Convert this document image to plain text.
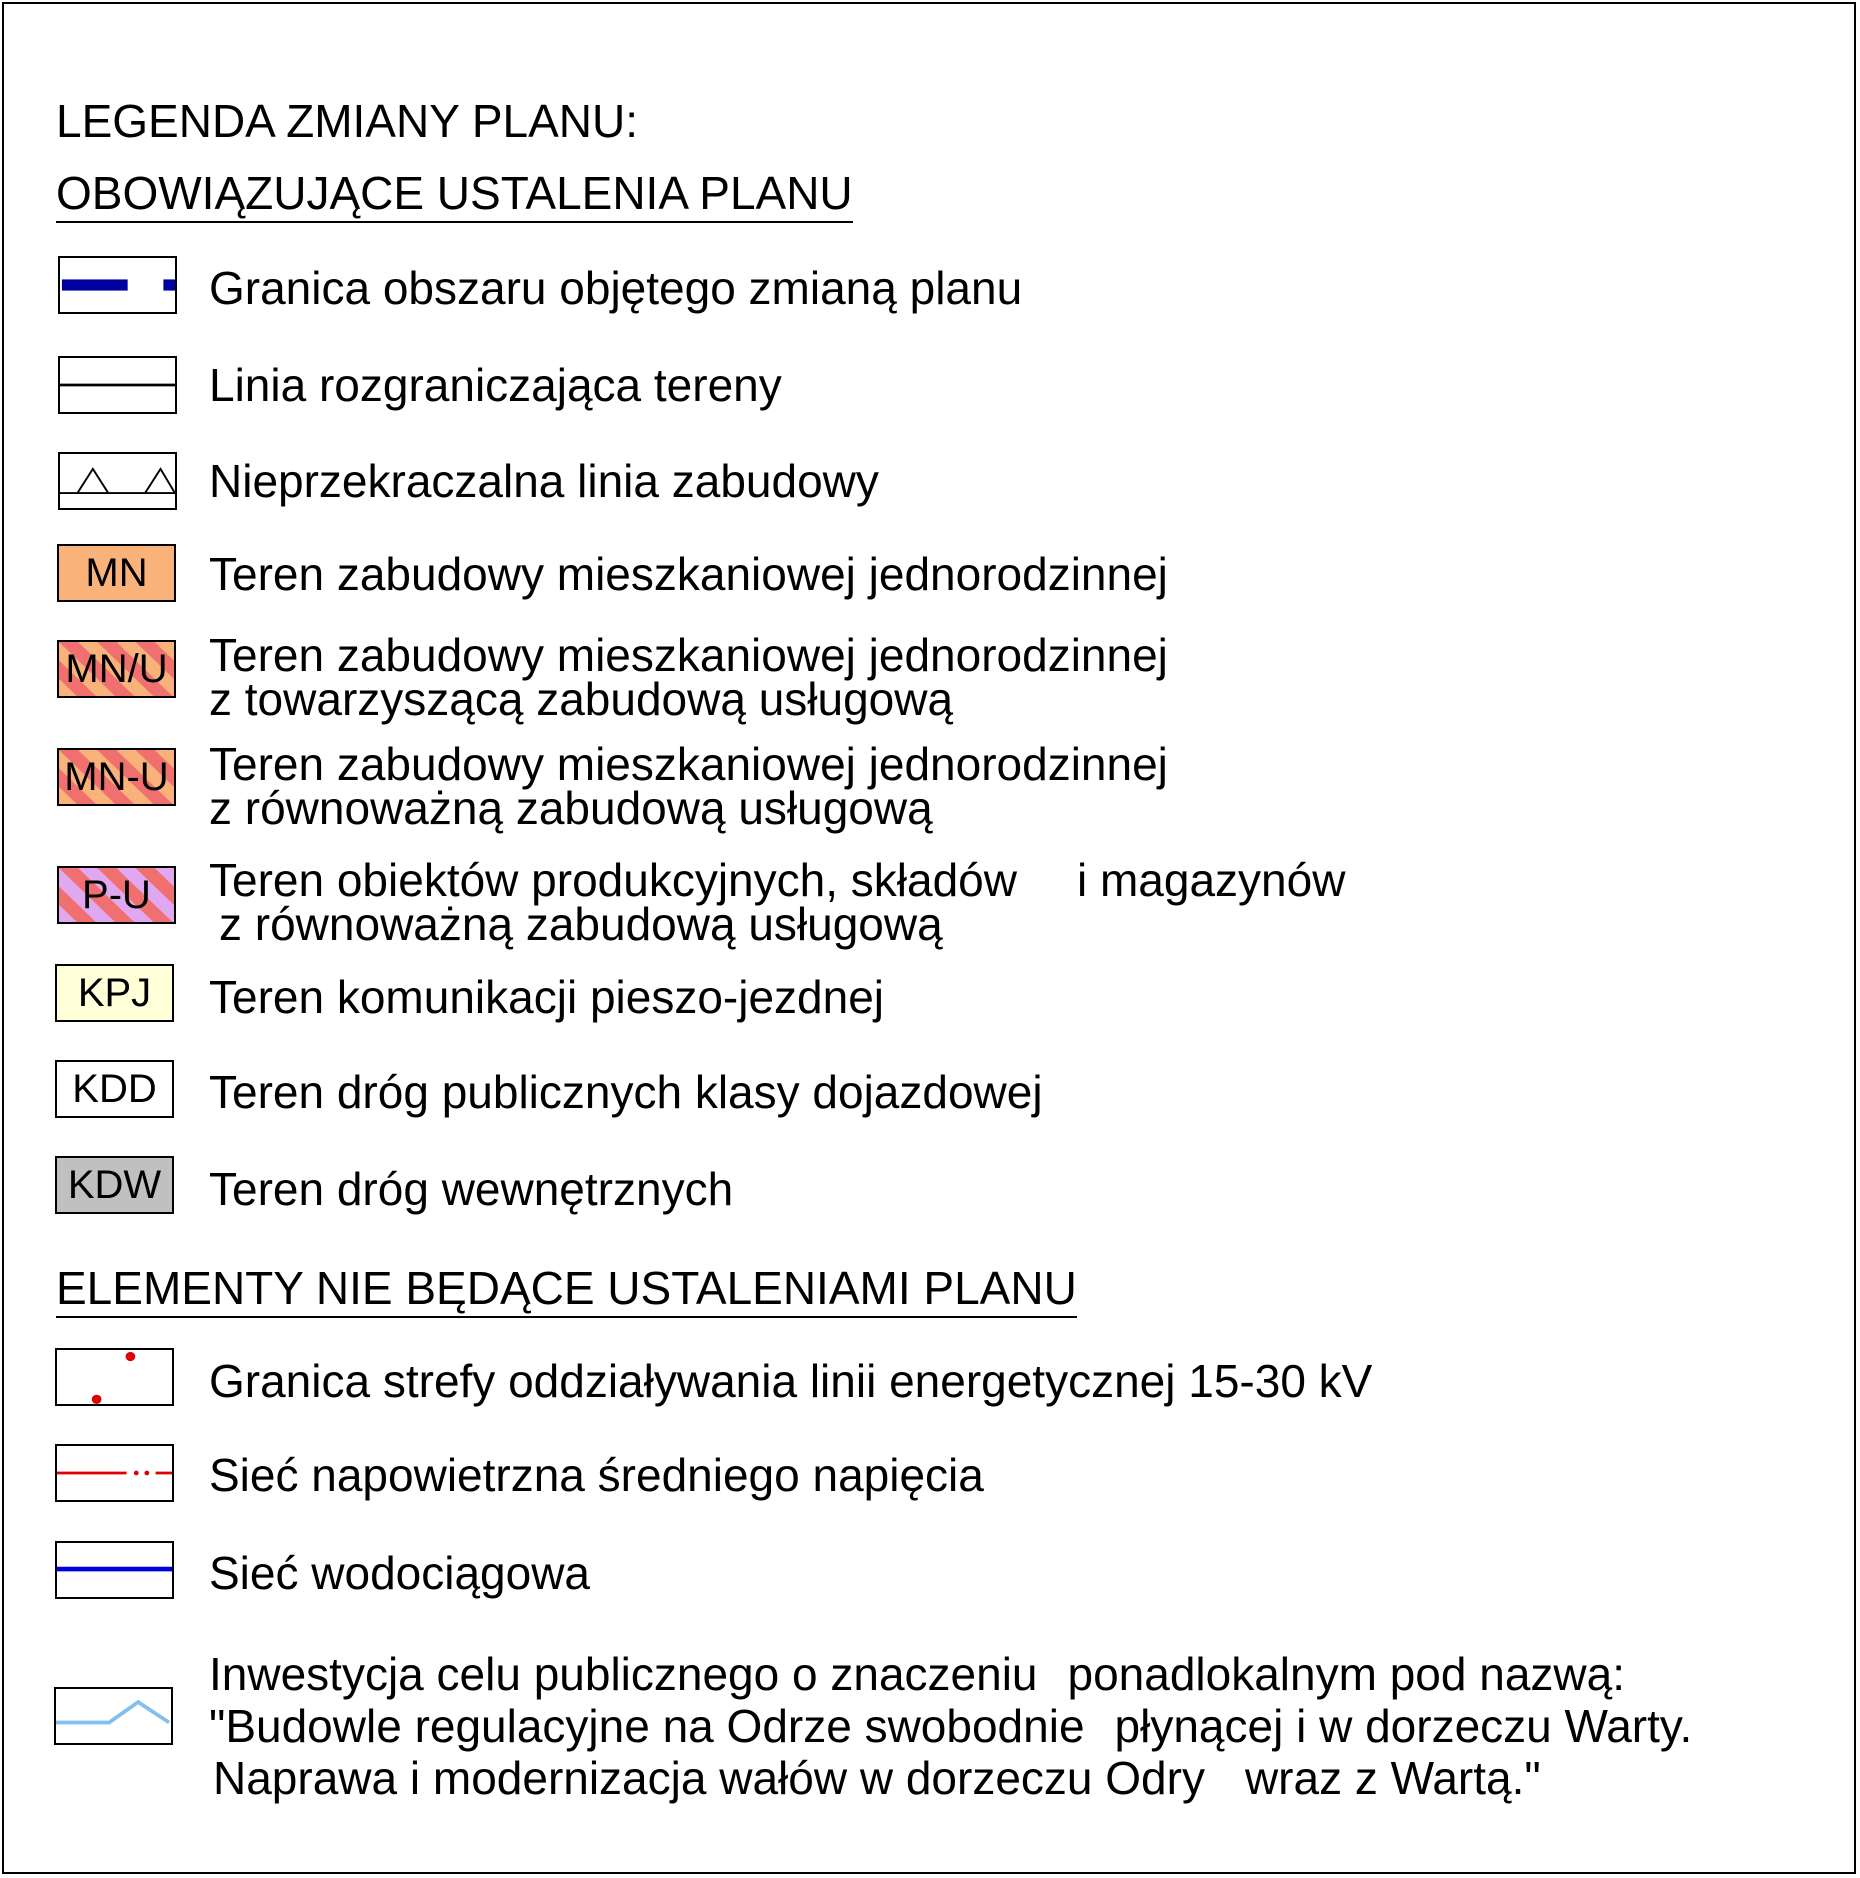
LEGENDA ZMIANY PLANU:
OBOWIĄZUJĄCE USTALENIA PLANU
Granica obszaru objętego zmianą planu
Linia rozgraniczająca tereny
Nieprzekraczalna linia zabudowy
MN	Teren zabudowy mieszkaniowej jednorodzinnej
MN/U Teren zabudowy mieszkaniowej jednorodzinnej
z towarzyszącą zabudową usługową
MN-U Teren zabudowy mieszkaniowej jednorodzinnej
z równoważną zabudową usługową
P-U	Teren obiektów produkcyjnych, składów i magazynów
z równoważną zabudową usługową
KPJ	Teren komunikacji pieszo-jezdnej
KDD	Teren dróg publicznych klasy dojazdowej
KDW Teren dróg wewnętrznych
ELEMENTY NIE BĘDĄCE USTALENIAMI PLANU
Granica strefy oddziaływania linii energetycznej 15-30 kV
Sieć napowietrzna średniego napięcia
Sieć wodociągowa
Inwestycja celu publicznego o znaczeniu ponadlokalnym pod nazwą:
"Budowle regulacyjne na Odrze swobodnie płynącej i w dorzeczu Warty.
Naprawa i modernizacja wałów w dorzeczu Odry wraz z Wartą."
